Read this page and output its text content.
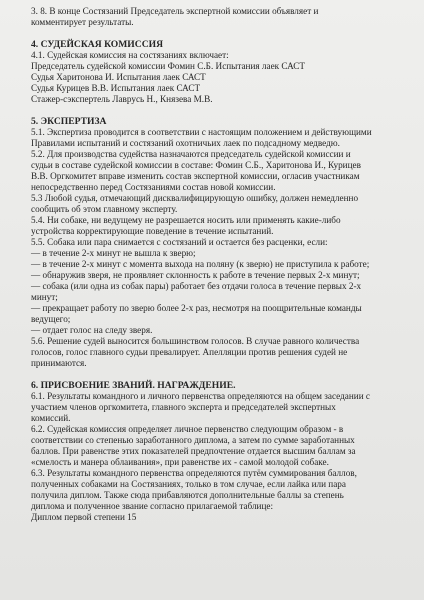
3. 8. В конце Состязаний Председатель экспертной комиссии объявляет и

комментирует результаты.

4. СУДЕЙСКАЯ КОМИССИЯ

4.1. Судейская комиссия на состязаниях включает:

Председатель судейской комиссии Фомин С.Б. Испытания лаек САСТ

Судья Харитонова И. Испытания лаек САСТ

Судья Курицев В.В. Испытания лаек САСТ

Стажер-сэкспертель Лаврусь Н., Князева М.В.

5. ЭКСПЕРТИЗА

5.1. Экспертиза проводится в соответствии с настоящим положением и действующими

Правилами испытаний и состязаний охотничьих лаек по подсадному медведю.

5.2. Для производства судейства назначаются председатель судейской комиссии и

судьи в составе судейской комиссии в составе: Фомин С.Б., Харитонова И., Курицев

В.В. Оргкомитет вправе изменить состав экспертной комиссии, огласив участникам

непосредственно перед Состязаниями состав новой комиссии.

5.3 Любой судья, отмечающий дисквалифицирующую ошибку, должен немедленно

сообщить об этом главному эксперту.

5.4. Ни собаке, ни ведущему не разрешается носить или применять какие-либо

устройства корректирующие поведение в течение испытаний.

5.5. Собака или пара снимается с состязаний и остается без расценки, если:

— в течение 2-х минут не вышла к зверю;

— в течение 2-х минут с момента выхода на поляну (к зверю) не приступила к работе;

— обнаружив зверя, не проявляет склонность к работе в течение первых 2-х минут;

— собака (или одна из собак пары) работает без отдачи голоса в течение первых 2-х

минут;

— прекращает работу по зверю более 2-х раз, несмотря на поощрительные команды

ведущего;

— отдает голос на следу зверя.

5.6. Решение судей выносится большинством голосов. В случае равного количества

голосов, голос главного судьи превалирует. Апелляции против решения судей не

принимаются.

6. ПРИСВОЕНИЕ ЗВАНИЙ. НАГРАЖДЕНИЕ.

6.1. Результаты командного и личного первенства определяются на общем заседании с

участием членов оргкомитета, главного эксперта и председателей экспертных

комиссий.

6.2. Судейская комиссия определяет личное первенство следующим образом - в

соответствии со степенью заработанного диплома, а затем по сумме заработанных

баллов. При равенстве этих показателей предпочтение отдается высшим баллам за

«смелость и манера облаивания», при равенстве их - самой молодой собаке.

6.3. Результаты командного первенства определяются путём суммирования баллов,

полученных собаками на Состязаниях, только в том случае, если лайка или пара

получила диплом. Также сюда прибавляются дополнительные баллы за степень

диплома и полученное звание согласно прилагаемой таблице:

Диплом первой степени 15
